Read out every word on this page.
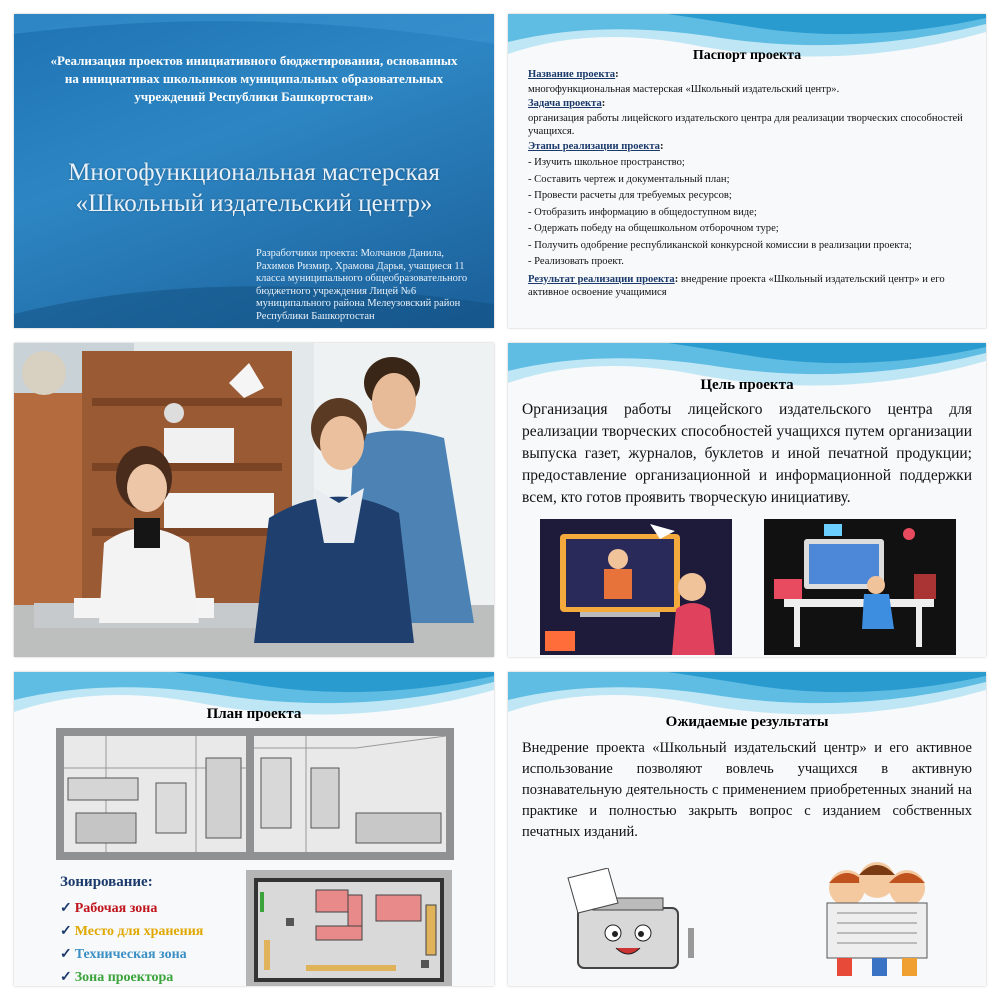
«Реализация проектов инициативного бюджетирования, основанных на инициативах школьников муниципальных образовательных учреждений Республики Башкортостан»
Многофункциональная мастерская
«Школьный издательский центр»
Разработчики проекта: Молчанов Данила, Рахимов Ризмир, Храмова Дарья, учащиеся 11 класса муниципального общеобразовательного бюджетного учреждения Лицей №6 муниципального района Мелеузовский район Республики Башкортостан
Паспорт проекта

Название проекта:

многофункциональная мастерская «Школьный издательский центр».

Задача проекта:

организация работы лицейского издательского центра для реализации творческих способностей учащихся.

Этапы реализации проекта:

- Изучить школьное пространство;

- Составить чертеж и документальный план;

- Провести расчеты для требуемых ресурсов;

- Отобразить информацию в общедоступном виде;

- Одержать победу на общешкольном отборочном туре;

- Получить одобрение республиканской конкурсной комиссии в реализации проекта;

- Реализовать проект.

Результат реализации проекта: внедрение проекта «Школьный издательский центр» и его активное освоение учащимися

Цель проекта
Организация работы лицейского издательского центра для реализации творческих способностей учащихся путем организации выпуска газет, журналов, буклетов и иной печатной продукции; предоставление организационной и информационной поддержки всем, кто готов проявить творческую инициативу.
План проекта
Зонирование:
✓ Рабочая зона
✓ Место для хранения
✓ Техническая зона
✓ Зона проектора
Ожидаемые результаты
Внедрение проекта «Школьный издательский центр» и его активное использование позволяют вовлечь учащихся в активную познавательную деятельность с применением приобретенных знаний на практике и полностью закрыть вопрос с изданием собственных печатных изданий.
